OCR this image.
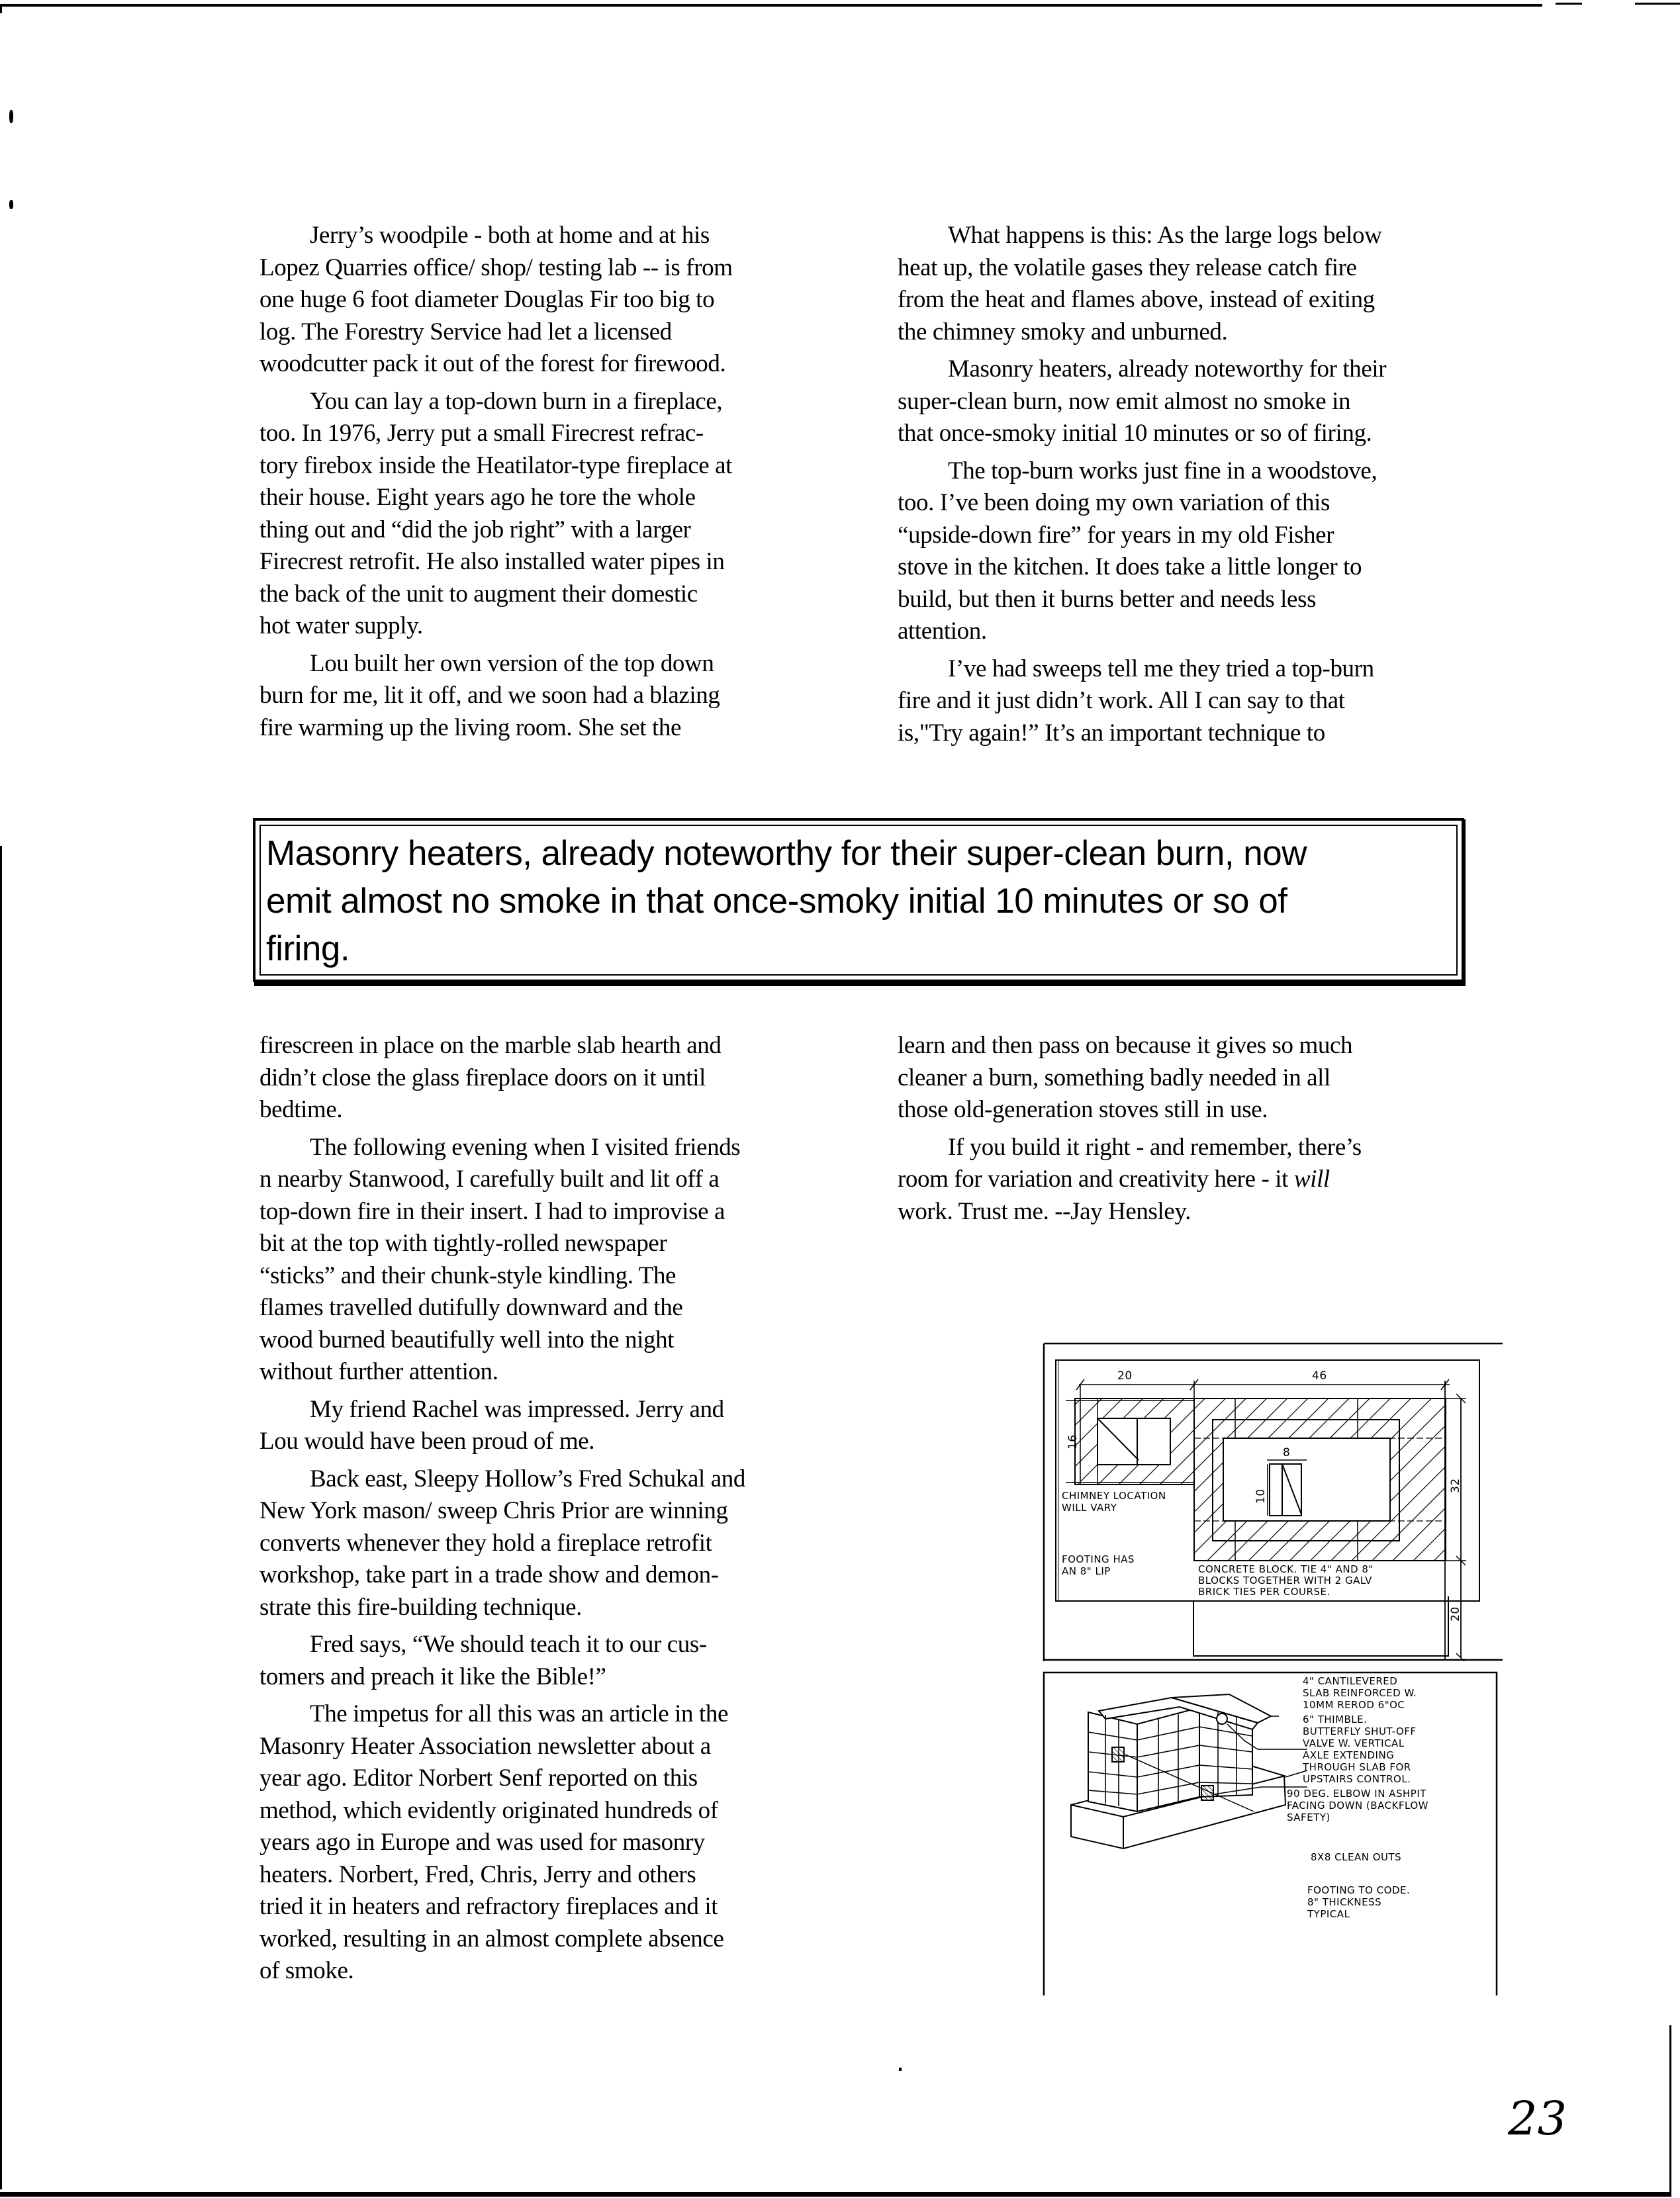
Jerry’s woodpile - both at home and at his
Lopez Quarries office/ shop/ testing lab -- is from
one huge 6 foot diameter Douglas Fir too big to
log. The Forestry Service had let a licensed
woodcutter pack it out of the forest for firewood.

You can lay a top-down burn in a fireplace,
too. In 1976, Jerry put a small Firecrest refrac-
tory firebox inside the Heatilator-type fireplace at
their house. Eight years ago he tore the whole
thing out and “did the job right” with a larger
Firecrest retrofit. He also installed water pipes in
the back of the unit to augment their domestic
hot water supply.

Lou built her own version of the top down
burn for me, lit it off, and we soon had a blazing
fire warming up the living room. She set the

What happens is this: As the large logs below
heat up, the volatile gases they release catch fire
from the heat and flames above, instead of exiting
the chimney smoky and unburned.

Masonry heaters, already noteworthy for their
super-clean burn, now emit almost no smoke in
that once-smoky initial 10 minutes or so of firing.

The top-burn works just fine in a woodstove,
too. I’ve been doing my own variation of this
“upside-down fire” for years in my old Fisher
stove in the kitchen. It does take a little longer to
build, but then it burns better and needs less
attention.

I’ve had sweeps tell me they tried a top-burn
fire and it just didn’t work. All I can say to that
is,"Try again!” It’s an important technique to

Masonry heaters, already noteworthy for their super-clean burn, now
emit almost no smoke in that once-smoky initial 10 minutes or so of
firing.

firescreen in place on the marble slab hearth and
didn’t close the glass fireplace doors on it until
bedtime.

The following evening when I visited friends
n nearby Stanwood, I carefully built and lit off a
top-down fire in their insert. I had to improvise a
bit at the top with tightly-rolled newspaper
“sticks” and their chunk-style kindling. The
flames travelled dutifully downward and the
wood burned beautifully well into the night
without further attention.

My friend Rachel was impressed. Jerry and
Lou would have been proud of me.

Back east, Sleepy Hollow’s Fred Schukal and
New York mason/ sweep Chris Prior are winning
converts whenever they hold a fireplace retrofit
workshop, take part in a trade show and demon-
strate this fire-building technique.

Fred says, “We should teach it to our cus-
tomers and preach it like the Bible!”

The impetus for all this was an article in the
Masonry Heater Association newsletter about a
year ago. Editor Norbert Senf reported on this
method, which evidently originated hundreds of
years ago in Europe and was used for masonry
heaters. Norbert, Fred, Chris, Jerry and others
tried it in heaters and refractory fireplaces and it
worked, resulting in an almost complete absence
of smoke.

learn and then pass on because it gives so much
cleaner a burn, something badly needed in all
those old-generation stoves still in use.

If you build it right - and remember, there’s
room for variation and creativity here - it will
work. Trust me. --Jay Hensley.

20	46
16
8
10
32
20
CHIMNEY LOCATION
WILL VARY
FOOTING HAS
AN 8" LIP	CONCRETE BLOCK. TIE 4" AND 8"
BLOCKS TOGETHER WITH 2 GALV
BRICK TIES PER COURSE.
4" CANTILEVERED
SLAB REINFORCED W.
10MM REROD 6"OC
6" THIMBLE.
BUTTERFLY SHUT-OFF
VALVE W. VERTICAL
AXLE EXTENDING
THROUGH SLAB FOR
UPSTAIRS CONTROL.
90 DEG. ELBOW IN ASHPIT
FACING DOWN (BACKFLOW
SAFETY)
8X8 CLEAN OUTS
FOOTING TO CODE.
8" THICKNESS
TYPICAL
23
